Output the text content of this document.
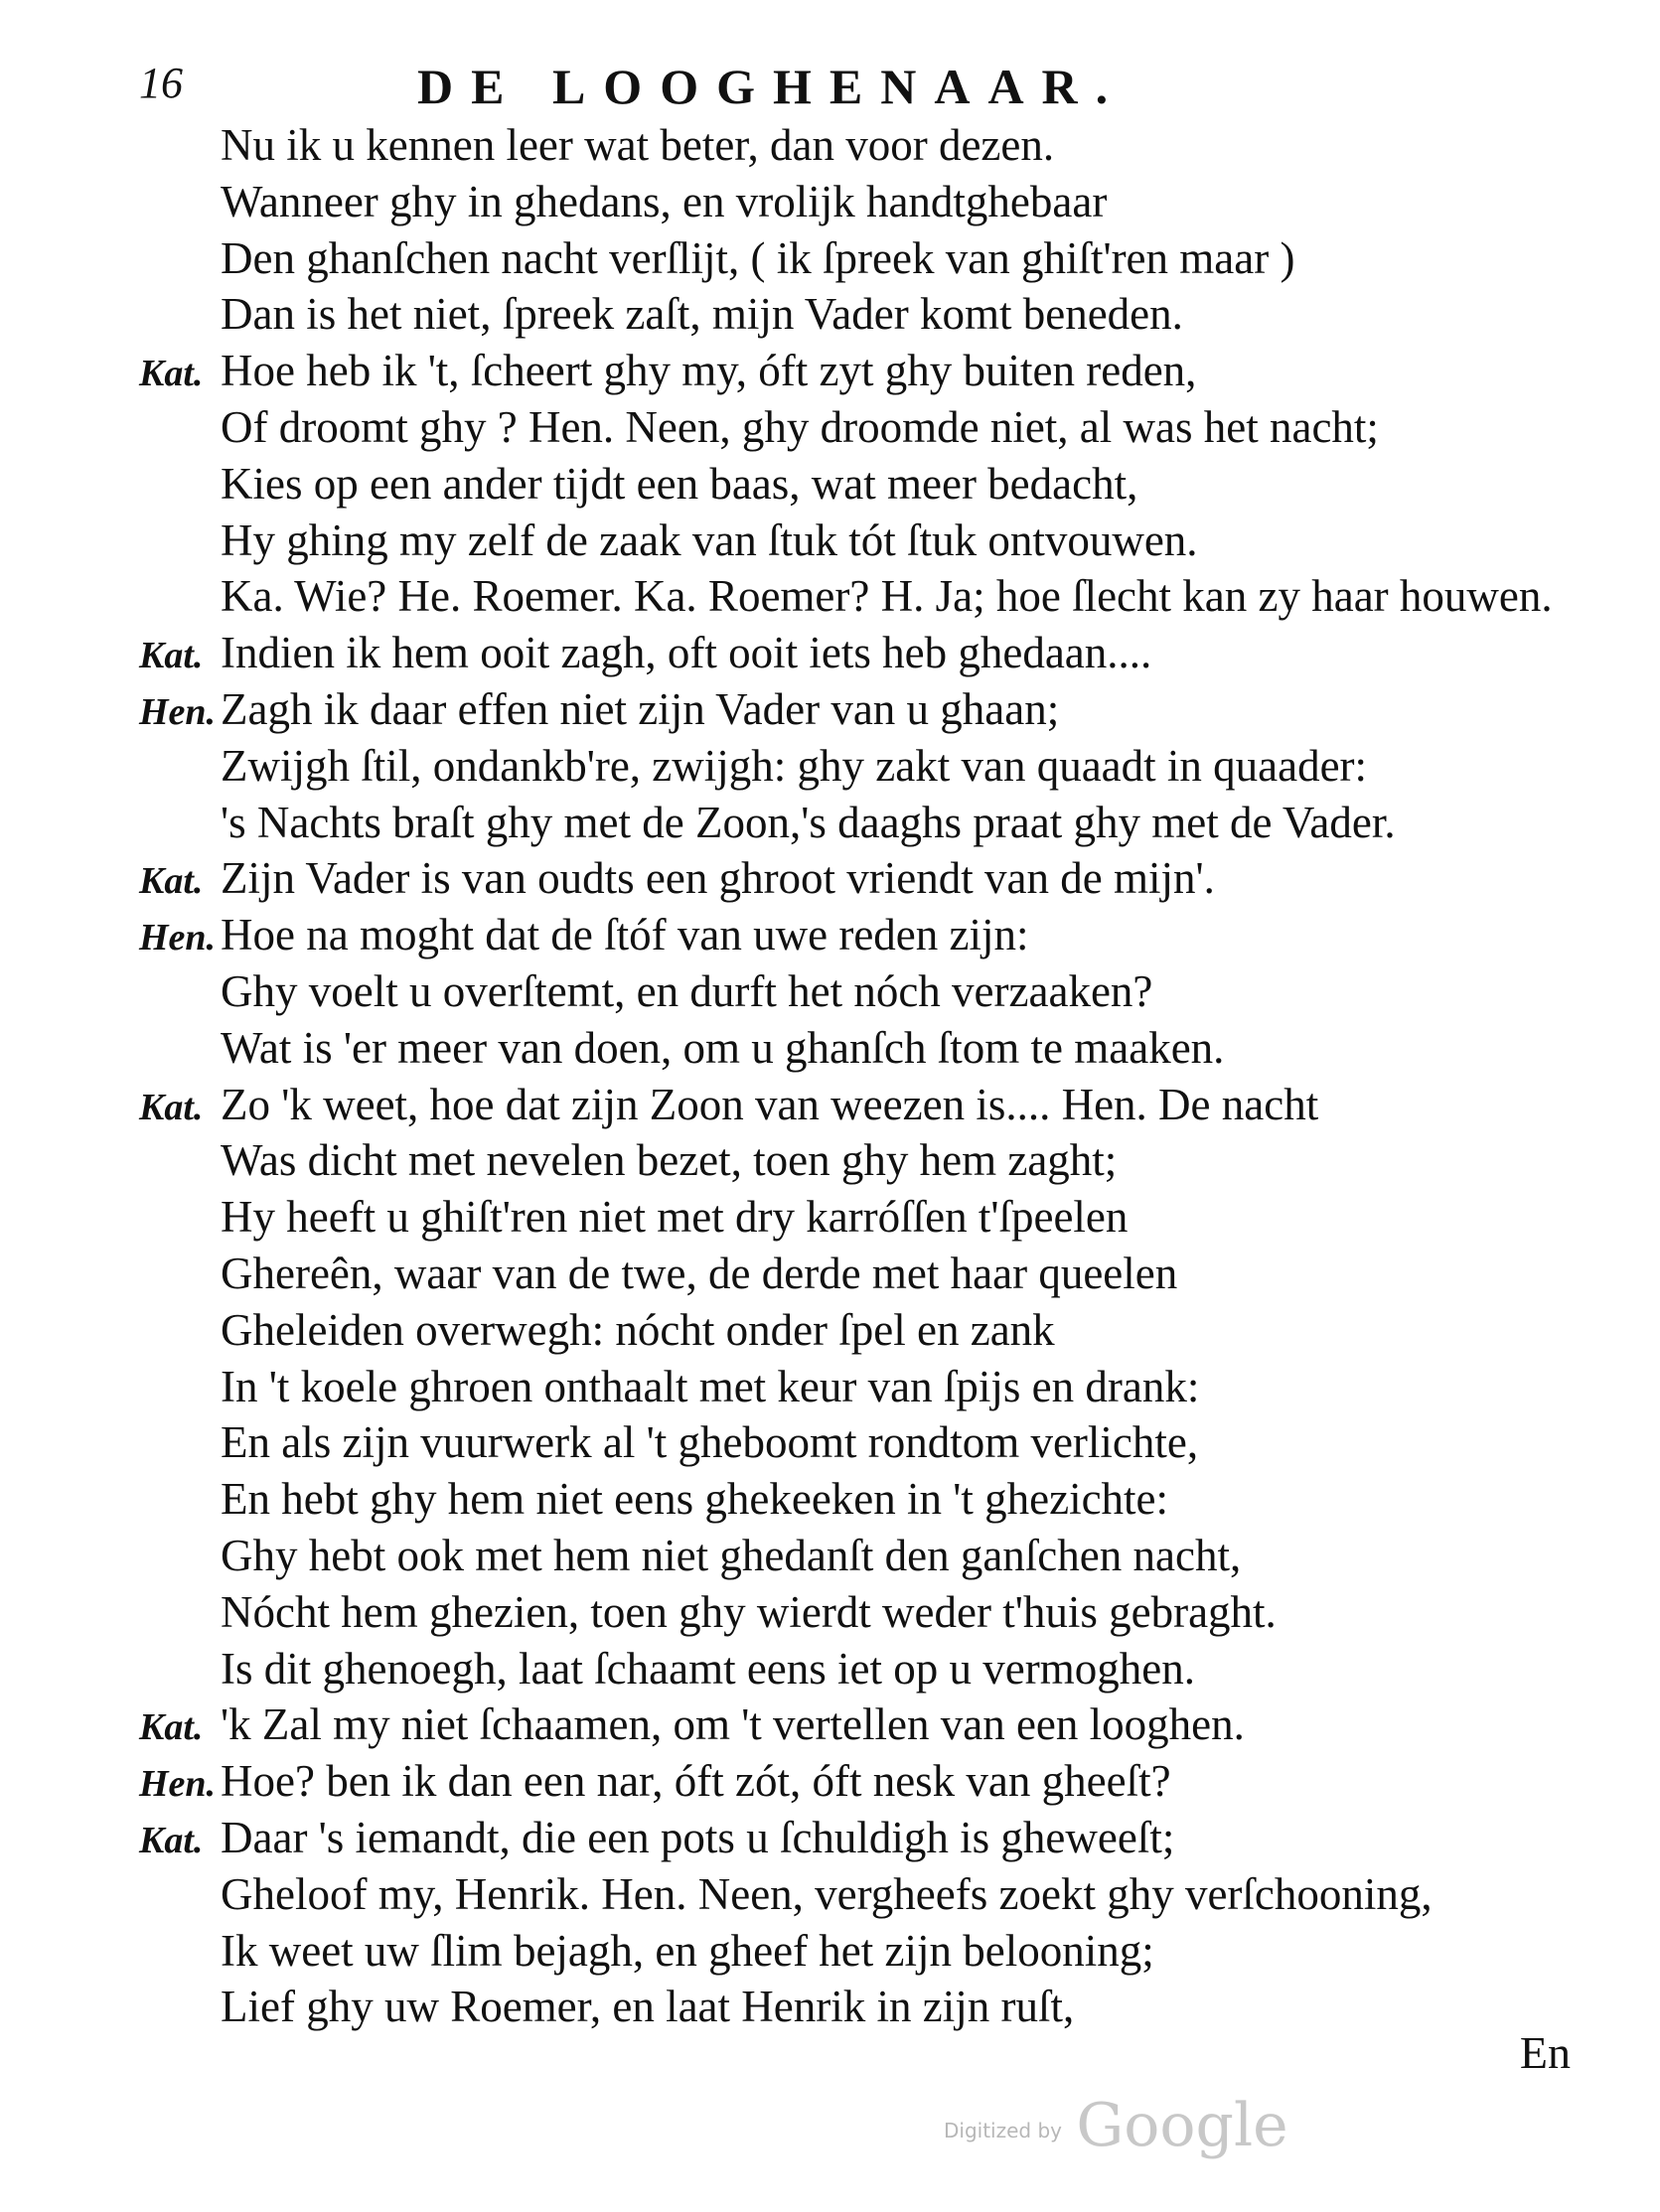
16	DE LOOGHENAAR.
Nu ik u kennen leer wat beter, dan voor dezen.
Wanneer ghy in ghedans, en vrolijk handtghebaar
Den ghanſchen nacht verſlijt, ( ik ſpreek van ghiſt'ren maar )
Dan is het niet, ſpreek zaſt, mijn Vader komt beneden.
Kat. Hoe heb ik 't, ſcheert ghy my, óft zyt ghy buiten reden,
Of droomt ghy ? Hen. Neen, ghy droomde niet, al was het nacht;
Kies op een ander tijdt een baas, wat meer bedacht,
Hy ghing my zelf de zaak van ſtuk tót ſtuk ontvouwen.
Ka. Wie? He. Roemer. Ka. Roemer? H. Ja; hoe ſlecht kan zy haar houwen.
Kat. Indien ik hem ooit zagh, oft ooit iets heb ghedaan....
Hen. Zagh ik daar effen niet zijn Vader van u ghaan;
Zwijgh ſtil, ondankb're, zwijgh: ghy zakt van quaadt in quaader:
's Nachts braſt ghy met de Zoon,'s daaghs praat ghy met de Vader.
Kat. Zijn Vader is van oudts een ghroot vriendt van de mijn'.
Hen. Hoe na moght dat de ſtóf van uwe reden zijn:
Ghy voelt u overſtemt, en durft het nóch verzaaken?
Wat is 'er meer van doen, om u ghanſch ſtom te maaken.
Kat. Zo 'k weet, hoe dat zijn Zoon van weezen is.... Hen. De nacht
Was dicht met nevelen bezet, toen ghy hem zaght;
Hy heeft u ghiſt'ren niet met dry karróſſen t'ſpeelen
Ghereên, waar van de twe, de derde met haar queelen
Gheleiden overwegh: nócht onder ſpel en zank
In 't koele ghroen onthaalt met keur van ſpijs en drank:
En als zijn vuurwerk al 't gheboomt rondtom verlichte,
En hebt ghy hem niet eens ghekeeken in 't ghezichte:
Ghy hebt ook met hem niet ghedanſt den ganſchen nacht,
Nócht hem ghezien, toen ghy wierdt weder t'huis gebraght.
Is dit ghenoegh, laat ſchaamt eens iet op u vermoghen.
Kat. 'k Zal my niet ſchaamen, om 't vertellen van een looghen.
Hen. Hoe? ben ik dan een nar, óft zót, óft nesk van gheeſt?
Kat. Daar 's iemandt, die een pots u ſchuldigh is gheweeſt;
Gheloof my, Henrik. Hen. Neen, vergheefs zoekt ghy verſchooning,
Ik weet uw ſlim bejagh, en gheef het zijn belooning;
Lief ghy uw Roemer, en laat Henrik in zijn ruſt,
En
Digitized by Google
